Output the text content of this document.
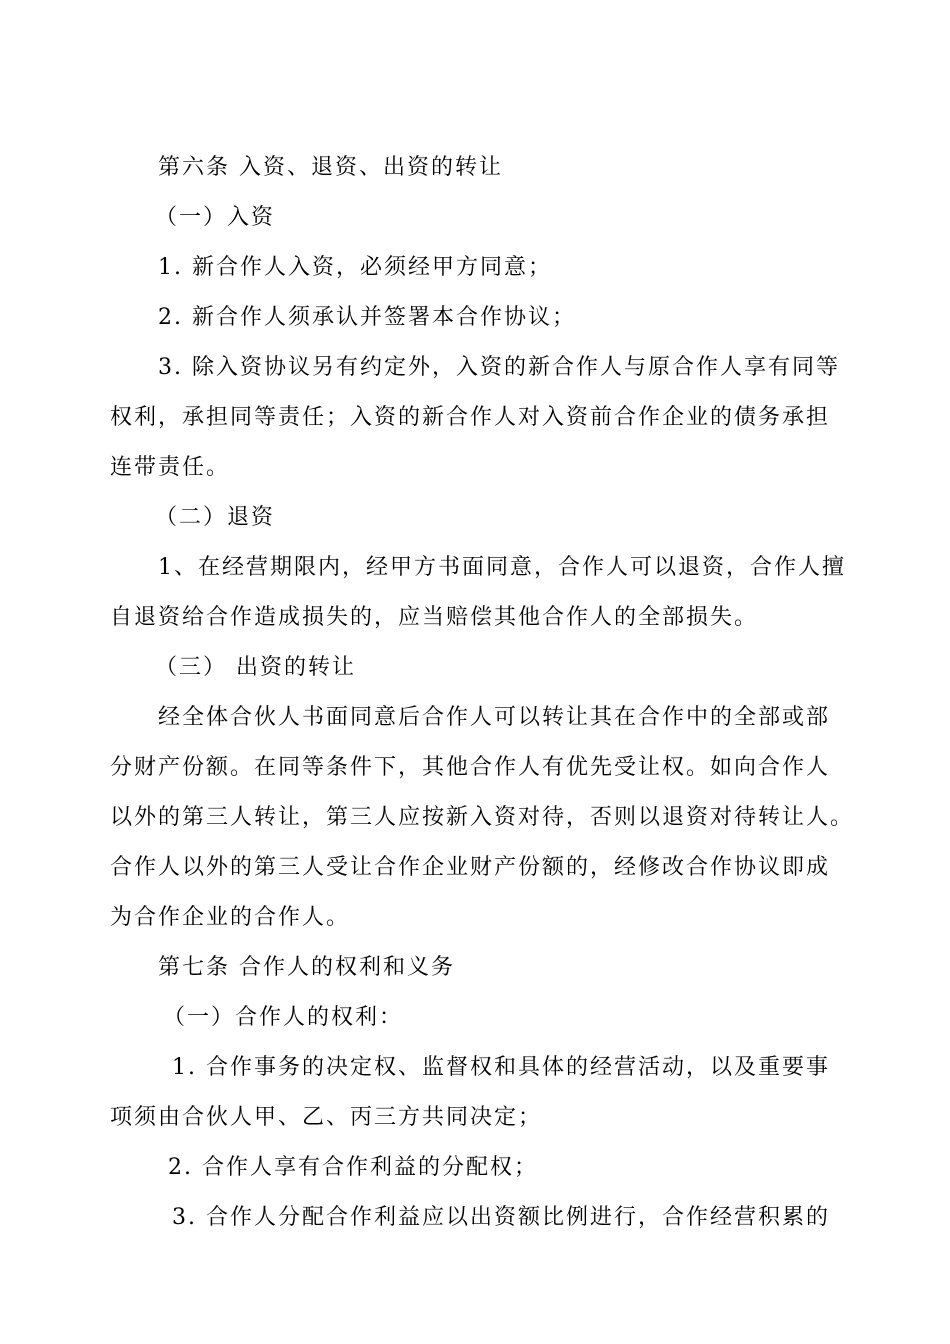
第六条 入资、退资、出资的转让
（一）入资
1. 新合作人入资，必须经甲方同意；
2. 新合作人须承认并签署本合作协议；
3. 除入资协议另有约定外，入资的新合作人与原合作人享有同等
权利，承担同等责任；入资的新合作人对入资前合作企业的债务承担
连带责任。
（二）退资
1、在经营期限内，经甲方书面同意，合作人可以退资，合作人擅
自退资给合作造成损失的，应当赔偿其他合作人的全部损失。
（三） 出资的转让
经全体合伙人书面同意后合作人可以转让其在合作中的全部或部
分财产份额。在同等条件下，其他合作人有优先受让权。如向合作人
以外的第三人转让，第三人应按新入资对待，否则以退资对待转让人。
合作人以外的第三人受让合作企业财产份额的，经修改合作协议即成
为合作企业的合作人。
第七条 合作人的权利和义务
（一）合作人的权利：
1. 合作事务的决定权、监督权和具体的经营活动，以及重要事
项须由合伙人甲、乙、丙三方共同决定；
2. 合作人享有合作利益的分配权；
3. 合作人分配合作利益应以出资额比例进行，合作经营积累的
